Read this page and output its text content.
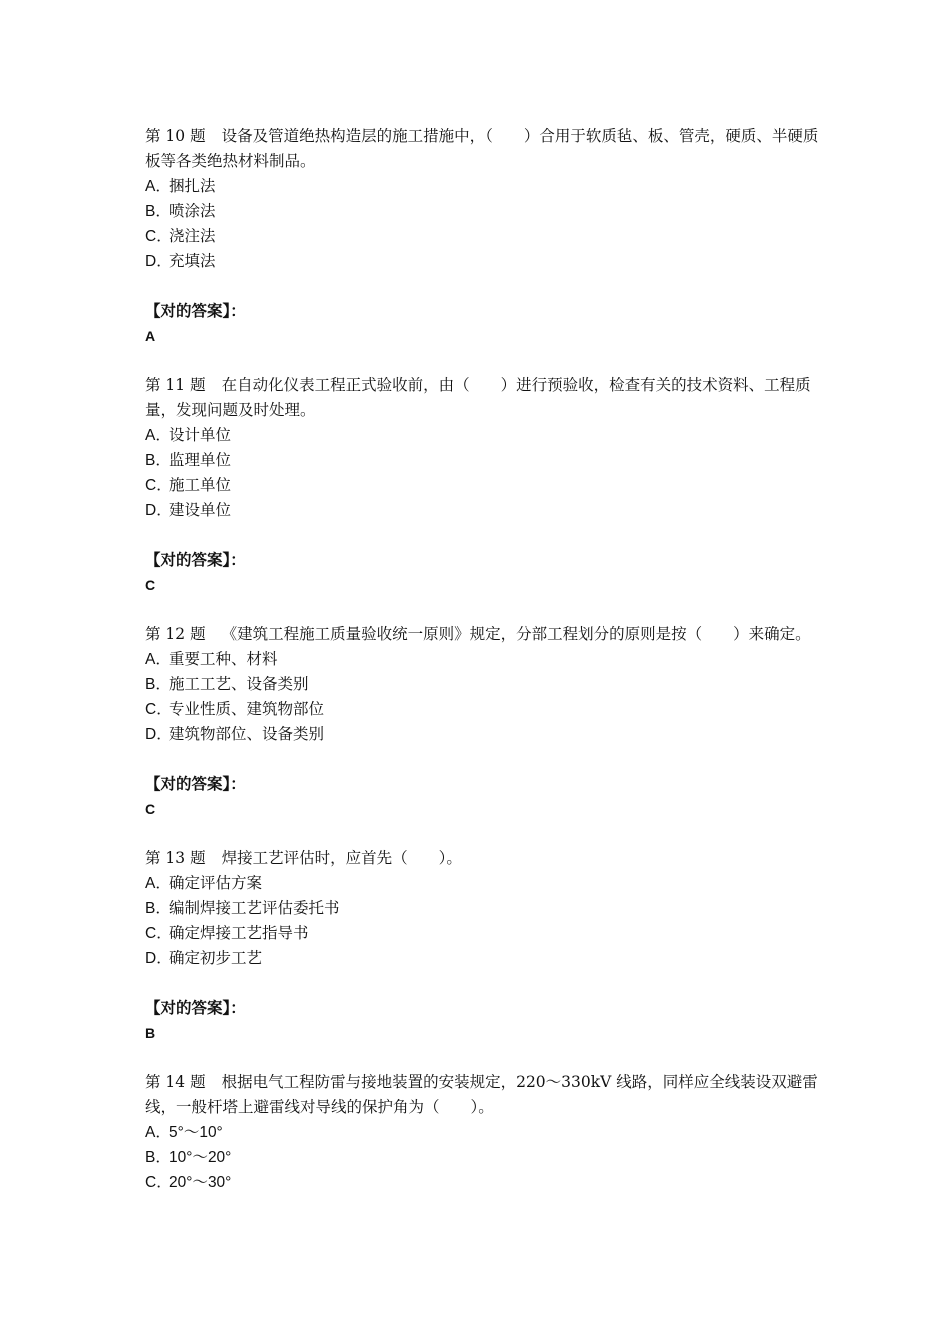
第 10 题 设备及管道绝热构造层的施工措施中，（　　）合用于软质毡、板、管壳，硬质、半硬质板等各类绝热材料制品。

A．捆扎法
B．喷涂法
C．浇注法
D．充填法
【对的答案】：
A

第 11 题 在自动化仪表工程正式验收前，由（　　）进行预验收，检查有关的技术资料、工程质量，发现问题及时处理。

A．设计单位
B．监理单位
C．施工单位
D．建设单位
【对的答案】：
C

第 12 题 《建筑工程施工质量验收统一原则》规定，分部工程划分的原则是按（　　）来确定。

A．重要工种、材料
B．施工工艺、设备类别
C．专业性质、建筑物部位
D．建筑物部位、设备类别
【对的答案】：
C

第 13 题 焊接工艺评估时，应首先（　　）。

A．确定评估方案
B．编制焊接工艺评估委托书
C．确定焊接工艺指导书
D．确定初步工艺
【对的答案】：
B

第 14 题 根据电气工程防雷与接地装置的安装规定，220～330kV 线路，同样应全线装设双避雷线，一般杆塔上避雷线对导线的保护角为（　　）。

A．5°～10°
B．10°～20°
C．20°～30°
